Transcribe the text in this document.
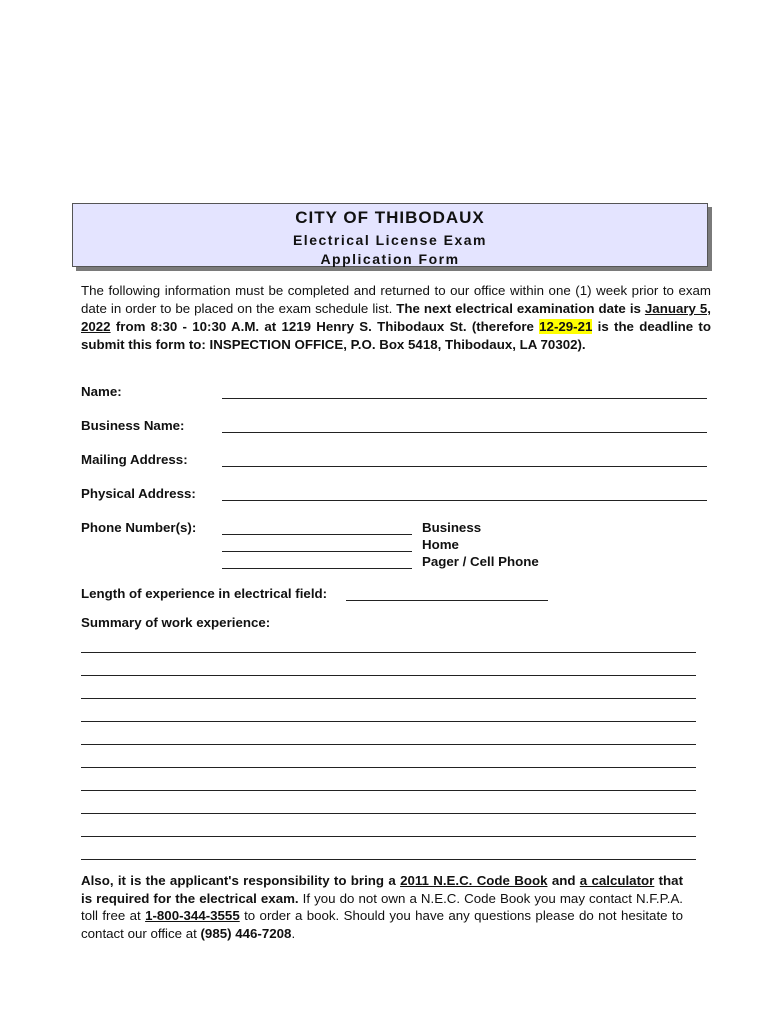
CITY OF THIBODAUX
Electrical License Exam
Application Form
The following information must be completed and returned to our office within one (1) week prior to exam date in order to be placed on the exam schedule list. The next electrical examination date is January 5, 2022 from 8:30 - 10:30 A.M. at 1219 Henry S. Thibodaux St. (therefore 12-29-21 is the deadline to submit this form to: INSPECTION OFFICE, P.O. Box 5418, Thibodaux, LA 70302).
Name:
Business Name:
Mailing Address:
Physical Address:
Phone Number(s):	Business
Home
Pager / Cell Phone
Length of experience in electrical field:
Summary of work experience:
Also, it is the applicant's responsibility to bring a 2011 N.E.C. Code Book and a calculator that is required for the electrical exam. If you do not own a N.E.C. Code Book you may contact N.F.P.A. toll free at 1-800-344-3555 to order a book. Should you have any questions please do not hesitate to contact our office at (985) 446-7208.
